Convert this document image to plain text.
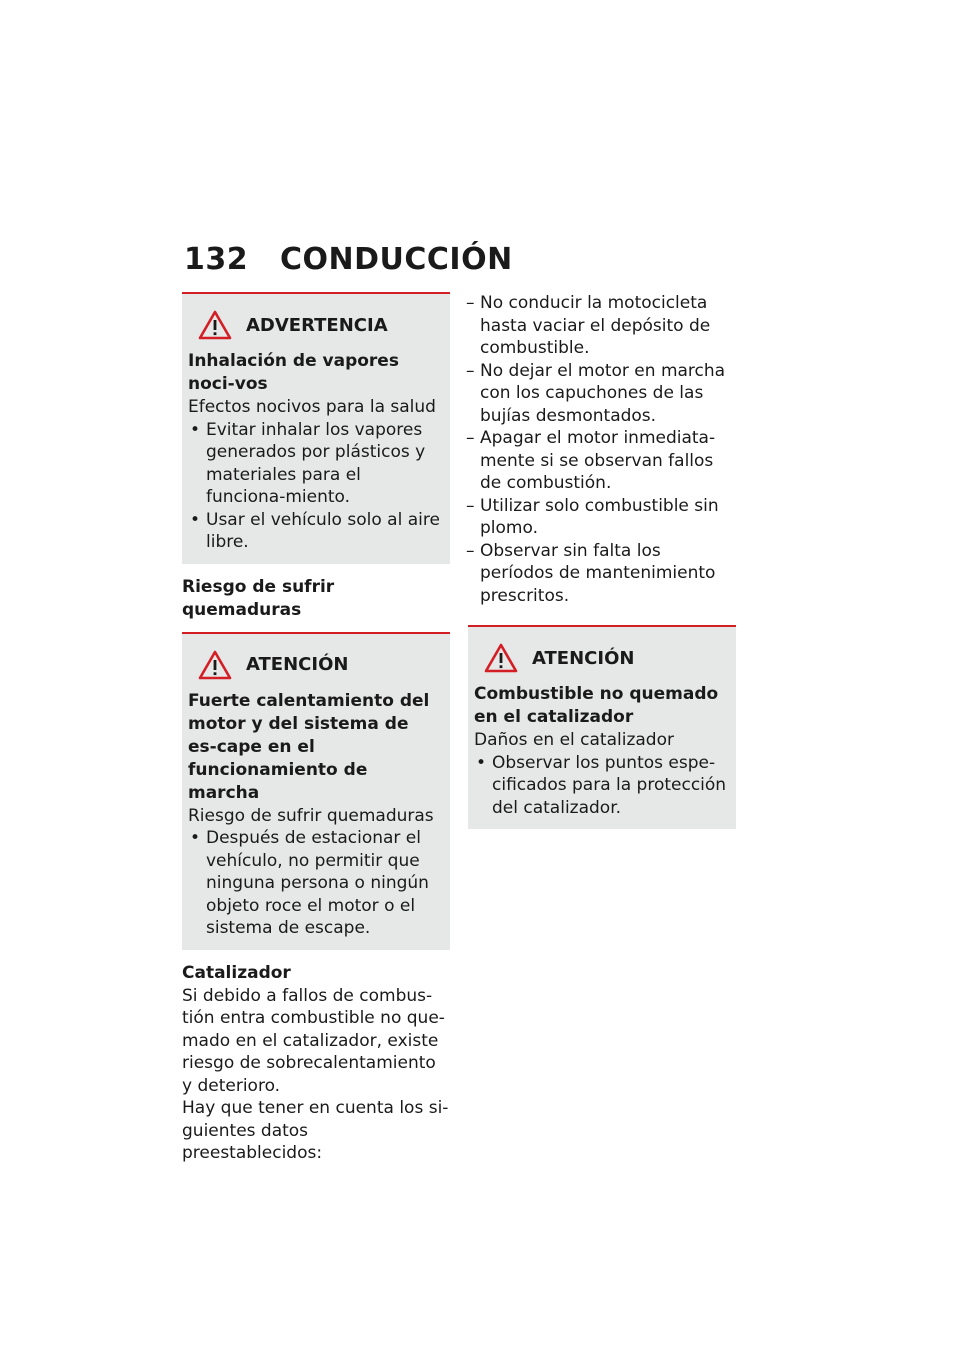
132 CONDUCCIÓN
ADVERTENCIA
Inhalación de vapores noci-vos
Efectos nocivos para la salud
• Evitar inhalar los vapores generados por plásticos y materiales para el funciona-miento.
• Usar el vehículo solo al aire libre.
Riesgo de sufrir quemaduras
ATENCIÓN
Fuerte calentamiento del motor y del sistema de es-cape en el funcionamiento de marcha
Riesgo de sufrir quemaduras
• Después de estacionar el vehículo, no permitir que ninguna persona o ningún objeto roce el motor o el sistema de escape.
Catalizador
Si debido a fallos de combus-tión entra combustible no que-mado en el catalizador, existe riesgo de sobrecalentamiento y deterioro.
Hay que tener en cuenta los si-guientes datos preestablecidos:
– No conducir la motocicleta hasta vaciar el depósito de combustible.
– No dejar el motor en marcha con los capuchones de las bujías desmontados.
– Apagar el motor inmediata-mente si se observan fallos de combustión.
– Utilizar solo combustible sin plomo.
– Observar sin falta los períodos de mantenimiento prescritos.
ATENCIÓN
Combustible no quemado en el catalizador
Daños en el catalizador
• Observar los puntos espe-cificados para la protección del catalizador.
